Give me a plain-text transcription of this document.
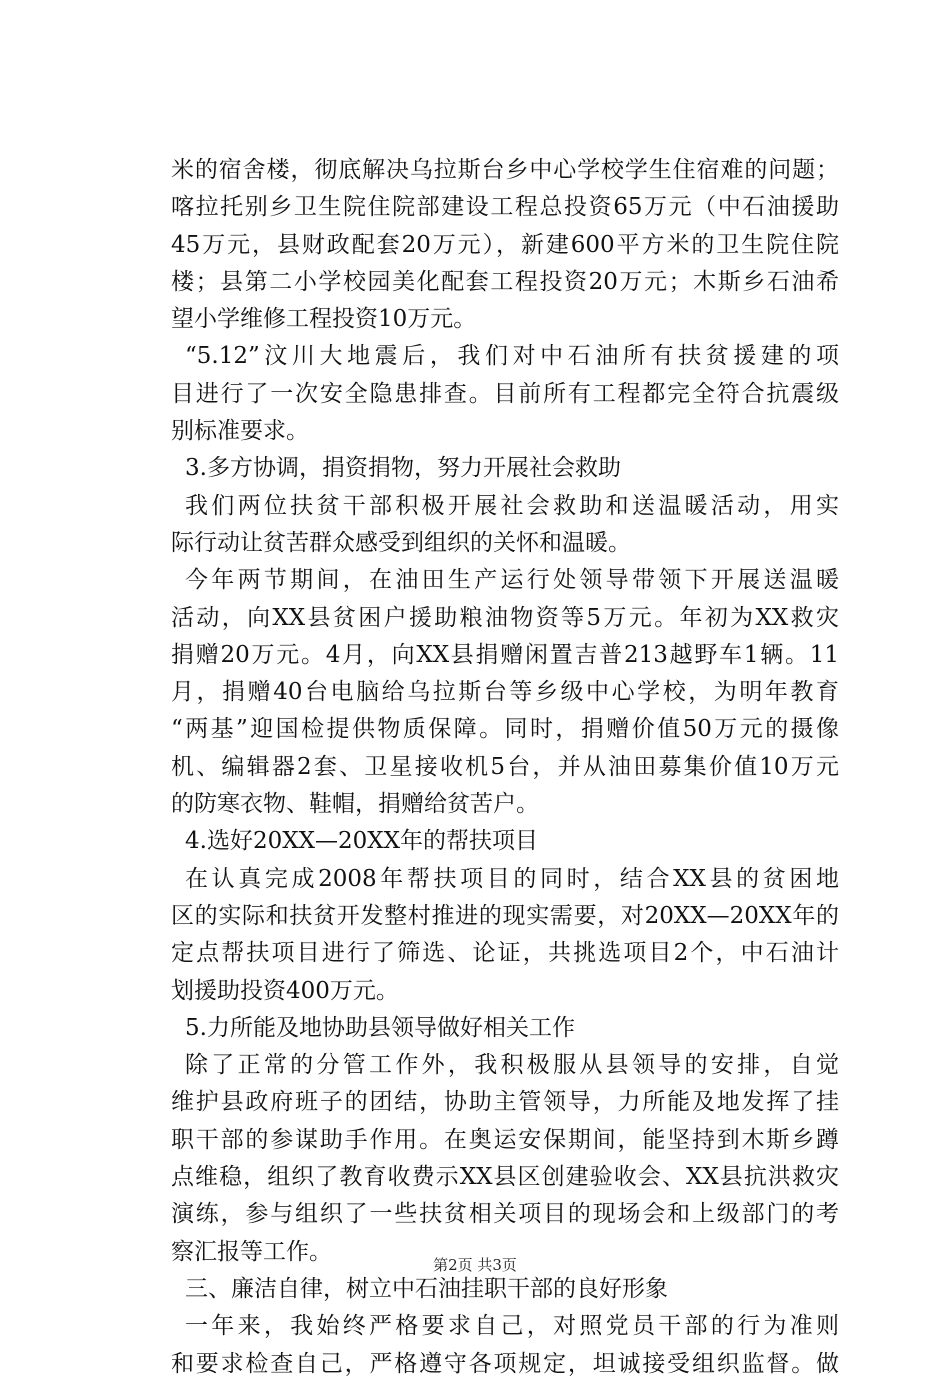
米的宿舍楼，彻底解决乌拉斯台乡中心学校学生住宿难的问题；
喀拉托别乡卫生院住院部建设工程总投资65万元（中石油援助
45万元，县财政配套20万元），新建600平方米的卫生院住院
楼；县第二小学校园美化配套工程投资20万元；木斯乡石油希
望小学维修工程投资10万元。
“5.12”汶川大地震后，我们对中石油所有扶贫援建的项
目进行了一次安全隐患排查。目前所有工程都完全符合抗震级
别标准要求。
3.多方协调，捐资捐物，努力开展社会救助
我们两位扶贫干部积极开展社会救助和送温暖活动，用实
际行动让贫苦群众感受到组织的关怀和温暖。
今年两节期间，在油田生产运行处领导带领下开展送温暖
活动，向XX县贫困户援助粮油物资等5万元。年初为XX救灾
捐赠20万元。4月，向XX县捐赠闲置吉普213越野车1辆。11
月，捐赠40台电脑给乌拉斯台等乡级中心学校，为明年教育
“两基”迎国检提供物质保障。同时，捐赠价值50万元的摄像
机、编辑器2套、卫星接收机5台，并从油田募集价值10万元
的防寒衣物、鞋帽，捐赠给贫苦户。
4.选好20XX—20XX年的帮扶项目
在认真完成2008年帮扶项目的同时，结合XX县的贫困地
区的实际和扶贫开发整村推进的现实需要，对20XX—20XX年的
定点帮扶项目进行了筛选、论证，共挑选项目2个，中石油计
划援助投资400万元。
5.力所能及地协助县领导做好相关工作
除了正常的分管工作外，我积极服从县领导的安排，自觉
维护县政府班子的团结，协助主管领导，力所能及地发挥了挂
职干部的参谋助手作用。在奥运安保期间，能坚持到木斯乡蹲
点维稳，组织了教育收费示XX县区创建验收会、XX县抗洪救灾
演练，参与组织了一些扶贫相关项目的现场会和上级部门的考
察汇报等工作。
三、廉洁自律，树立中石油挂职干部的良好形象
一年来，我始终严格要求自己，对照党员干部的行为准则
和要求检查自己，严格遵守各项规定，坦诚接受组织监督。做
第2页 共3页
